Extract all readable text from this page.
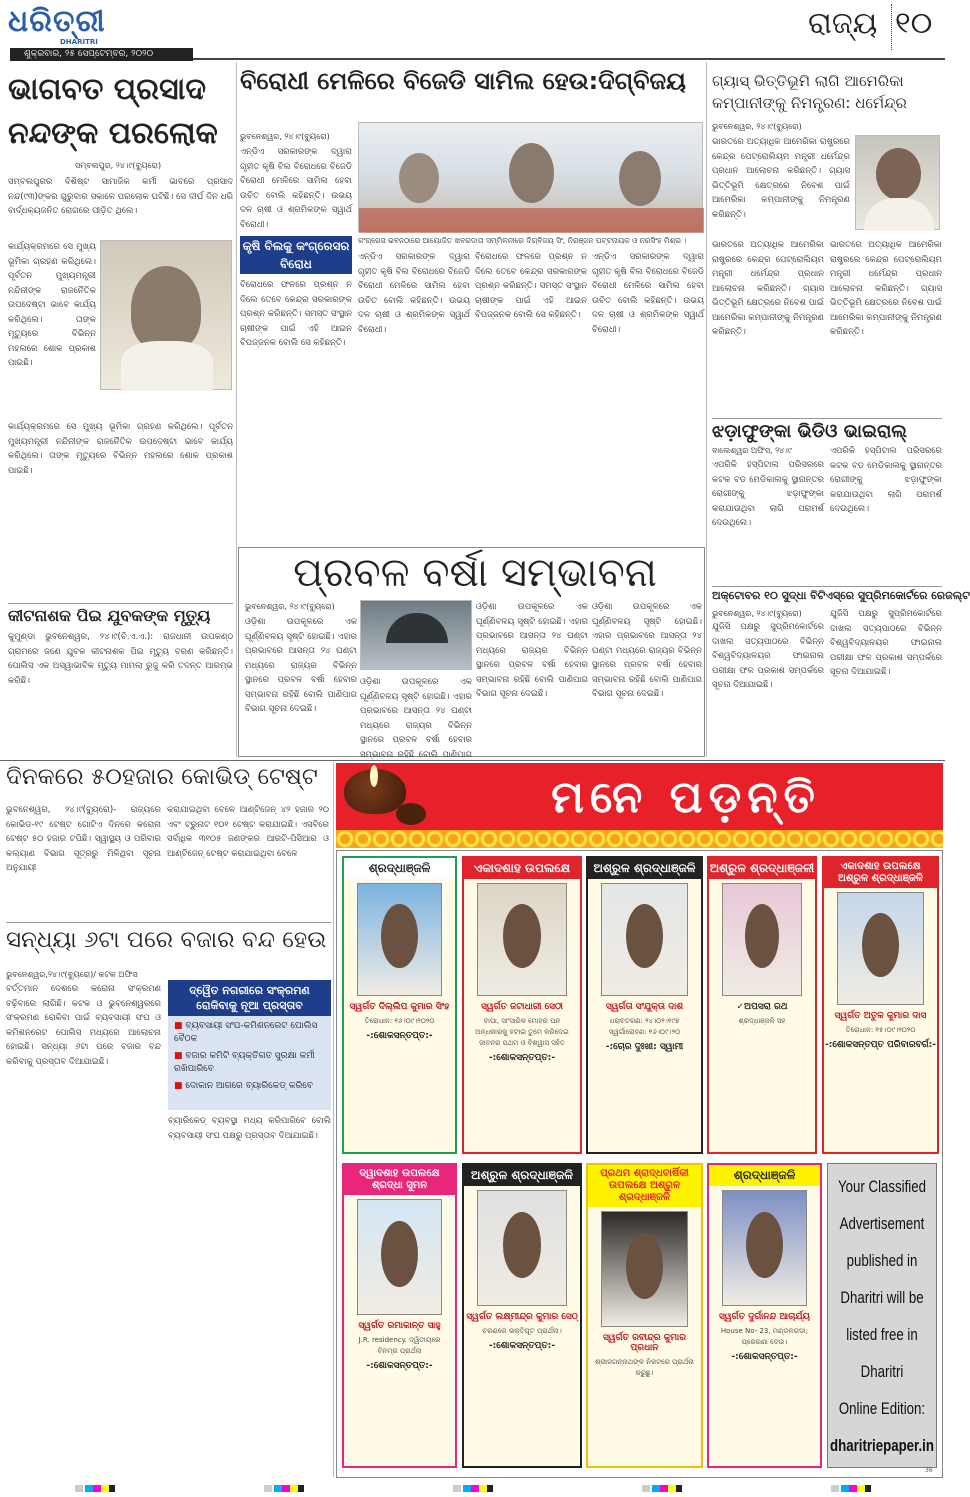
ଧରିତ୍ରୀ
DHARITRI
ଶୁକ୍ରବାର, ୨୫ ସେପ୍ଟେମ୍ବର, ୨୦୨୦
ରାଜ୍ୟ ୧୦
ଭାଗବତ ପ୍ରସାଦ ନନ୍ଦଙ୍କ ପରଲୋକ
ସମ୍ବଲପୁର, ୨୪।୯(ବ୍ୟୁରୋ)
ସମ୍ବଲପୁରର ବିଶିଷ୍ଟ ସାମାଜିକ କର୍ମୀ ଭାବରେ ପ୍ରସାଦ ନନ୍ଦ(୯୩)ଙ୍କର ଗୁରୁବାର ସକାଳେ ପରଲୋକ ଘଟିଛି। ସେ ଦୀର୍ଘ ଦିନ ଧରି ବାର୍ଦ୍ଧକ୍ୟଜନିତ ରୋଗରେ ପୀଡ଼ିତ ଥିଲେ।
କାର୍ଯ୍ୟକ୍ରମରେ ସେ ମୁଖ୍ୟ ଭୂମିକା ଗ୍ରହଣ କରିଥିଲେ। ପୂର୍ବତନ ମୁଖ୍ୟମନ୍ତ୍ରୀ ନନ୍ଦିନୀଙ୍କ ରାଜନୈତିକ ଉପଦେଷ୍ଟା ଭାବେ କାର୍ଯ୍ୟ କରିଥିଲେ। ତାଙ୍କ ମୃତ୍ୟୁରେ ବିଭିନ୍ନ ମହଲରେ ଶୋକ ପ୍ରକାଶ ପାଇଛି।
କାର୍ଯ୍ୟକ୍ରମରେ ସେ ମୁଖ୍ୟ ଭୂମିକା ଗ୍ରହଣ କରିଥିଲେ। ପୂର୍ବତନ ମୁଖ୍ୟମନ୍ତ୍ରୀ ନନ୍ଦିନୀଙ୍କ ରାଜନୈତିକ ଉପଦେଷ୍ଟା ଭାବେ କାର୍ଯ୍ୟ କରିଥିଲେ। ତାଙ୍କ ମୃତ୍ୟୁରେ ବିଭିନ୍ନ ମହଲରେ ଶୋକ ପ୍ରକାଶ ପାଇଛି।
କୀଟନାଶକ ପିଇ ଯୁବକଙ୍କ ମୃତ୍ୟୁ
କୁମୁଣ୍ଡା ଭୁବନେଶ୍ୱର, ୨୪।୯(ଚି.ଏ.ଏ.): ରାଜଧାନୀ ଉପକଣ୍ଠ ଗ୍ରାମରେ ଜଣେ ଯୁବକ କୀଟନାଶକ ପିଇ ମୃତ୍ୟୁ ବରଣ କରିଛନ୍ତି। ପୋଲିସ ଏକ ଅସ୍ୱାଭାବିକ ମୃତ୍ୟୁ ମାମଲା ରୁଜୁ କରି ତଦନ୍ତ ଆରମ୍ଭ କରିଛି।
ବିରୋଧୀ ମେଳିରେ ବିଜେଡି ସାମିଲ ହେଉ:ଦିଗ୍‌ବିଜୟ
ଭୁବନେଶ୍ୱର, ୨୪।୯(ବ୍ୟୁରୋ)
ଏନ୍‌ଡିଏ ସରକାରଙ୍କ ଦ୍ୱାରା ଗୃହୀତ କୃଷି ବିଲ ବିରୋଧରେ ବିଜେଡି ବିରୋଧୀ ମେଳିରେ ସାମିଲ ହେବା ଉଚିତ ବୋଲି କହିଛନ୍ତି। ଉଭୟ ଦଳ ଚାଷୀ ଓ ଶ୍ରମିକଙ୍କ ସ୍ୱାର୍ଥ ବିରୋଧୀ।
କଂଗ୍ରେସ ଭବନଠାରେ ଆୟୋଜିତ ଖବରଦାତା ସମ୍ମିଳନୀରେ ଦିଗ୍‌ବିଜୟ ସିଂ, ନିରଞ୍ଜନ ପଟ୍ଟନାୟକ ଓ ନରସିଂହ ମିଶ୍ର ।
କୃଷି ବିଲକୁ କଂଗ୍ରେସର ବିରୋଧ
ବିରୋଧରେ ଫଳରେ ପ୍ରଶ୍ନ ନ ଦିଲେ ତେବେ କେନ୍ଦ୍ର ସରକାରଙ୍କ ପ୍ରଶ୍ନ କରିଛନ୍ତି। ସମସ୍ତ ସଂସ୍ଥାନ ଚାଷୀଙ୍କ ପାଇଁ ଏହି ଆଇନ ବିପଜ୍ଜନକ ବୋଲି ସେ କହିଛନ୍ତି।
ଏନ୍‌ଡିଏ ସରକାରଙ୍କ ଦ୍ୱାରା ଗୃହୀତ କୃଷି ବିଲ ବିରୋଧରେ ବିଜେଡି ବିରୋଧୀ ମେଳିରେ ସାମିଲ ହେବା ଉଚିତ ବୋଲି କହିଛନ୍ତି। ଉଭୟ ଦଳ ଚାଷୀ ଓ ଶ୍ରମିକଙ୍କ ସ୍ୱାର୍ଥ ବିରୋଧୀ।
ବିରୋଧରେ ଫଳରେ ପ୍ରଶ୍ନ ନ ଦିଲେ ତେବେ କେନ୍ଦ୍ର ସରକାରଙ୍କ ପ୍ରଶ୍ନ କରିଛନ୍ତି। ସମସ୍ତ ସଂସ୍ଥାନ ଚାଷୀଙ୍କ ପାଇଁ ଏହି ଆଇନ ବିପଜ୍ଜନକ ବୋଲି ସେ କହିଛନ୍ତି।
ଏନ୍‌ଡିଏ ସରକାରଙ୍କ ଦ୍ୱାରା ଗୃହୀତ କୃଷି ବିଲ ବିରୋଧରେ ବିଜେଡି ବିରୋଧୀ ମେଳିରେ ସାମିଲ ହେବା ଉଚିତ ବୋଲି କହିଛନ୍ତି। ଉଭୟ ଦଳ ଚାଷୀ ଓ ଶ୍ରମିକଙ୍କ ସ୍ୱାର୍ଥ ବିରୋଧୀ।
ପ୍ରବଳ ବର୍ଷା ସମ୍ଭାବନା
ଭୁବନେଶ୍ୱର, ୨୪।୯(ବ୍ୟୁରୋ)
ଓଡ଼ିଶା ଉପକୂଳରେ ଏକ ଘୂର୍ଣ୍ଣିବଳୟ ସୃଷ୍ଟି ହୋଇଛି। ଏହାର ପ୍ରଭାବରେ ଆସନ୍ତା ୨୪ ଘଣ୍ଟା ମଧ୍ୟରେ ରାଜ୍ୟର ବିଭିନ୍ନ ସ୍ଥାନରେ ପ୍ରବଳ ବର୍ଷା ହେବାର ସମ୍ଭାବନା ରହିଛି ବୋଲି ପାଣିପାଗ ବିଭାଗ ସୂଚନା ଦେଇଛି।
ଓଡ଼ିଶା ଉପକୂଳରେ ଏକ ଘୂର୍ଣ୍ଣିବଳୟ ସୃଷ୍ଟି ହୋଇଛି। ଏହାର ପ୍ରଭାବରେ ଆସନ୍ତା ୨୪ ଘଣ୍ଟା ମଧ୍ୟରେ ରାଜ୍ୟର ବିଭିନ୍ନ ସ୍ଥାନରେ ପ୍ରବଳ ବର୍ଷା ହେବାର ସମ୍ଭାବନା ରହିଛି ବୋଲି ପାଣିପାଗ
ଓଡ଼ିଶା ଉପକୂଳରେ ଏକ ଘୂର୍ଣ୍ଣିବଳୟ ସୃଷ୍ଟି ହୋଇଛି। ଏହାର ପ୍ରଭାବରେ ଆସନ୍ତା ୨୪ ଘଣ୍ଟା ମଧ୍ୟରେ ରାଜ୍ୟର ବିଭିନ୍ନ ସ୍ଥାନରେ ପ୍ରବଳ ବର୍ଷା ହେବାର ସମ୍ଭାବନା ରହିଛି ବୋଲି ପାଣିପାଗ ବିଭାଗ ସୂଚନା ଦେଇଛି।
ଓଡ଼ିଶା ଉପକୂଳରେ ଏକ ଘୂର୍ଣ୍ଣିବଳୟ ସୃଷ୍ଟି ହୋଇଛି। ଏହାର ପ୍ରଭାବରେ ଆସନ୍ତା ୨୪ ଘଣ୍ଟା ମଧ୍ୟରେ ରାଜ୍ୟର ବିଭିନ୍ନ ସ୍ଥାନରେ ପ୍ରବଳ ବର୍ଷା ହେବାର ସମ୍ଭାବନା ରହିଛି ବୋଲି ପାଣିପାଗ ବିଭାଗ ସୂଚନା ଦେଇଛି।
ଗ୍ୟାସ୍ ଭିତ୍ତିଭୂମି ଲାଗି ଆମେରିକା କମ୍ପାନୀଙ୍କୁ ନିମନ୍ତ୍ରଣ: ଧର୍ମେନ୍ଦ୍ର
ଭୁବନେଶ୍ୱର, ୨୪।୯(ବ୍ୟୁରୋ)
ଭାରତରେ ଅତ୍ୟାଧିକ ଆମେରିକା ରାଷ୍ଟ୍ରରେ କେନ୍ଦ୍ର ପେଟ୍ରୋଲିୟମ ମନ୍ତ୍ରୀ ଧର୍ମେନ୍ଦ୍ର ପ୍ରଧାନ ଆଲୋଚନା କରିଛନ୍ତି। ଗ୍ୟାସ ଭିତ୍ତିଭୂମି କ୍ଷେତ୍ରରେ ନିବେଶ ପାଇଁ ଆମେରିକା କମ୍ପାନୀଙ୍କୁ ନିମନ୍ତ୍ରଣ କରିଛନ୍ତି।
ଭାରତରେ ଅତ୍ୟାଧିକ ଆମେରିକା ରାଷ୍ଟ୍ରରେ କେନ୍ଦ୍ର ପେଟ୍ରୋଲିୟମ ମନ୍ତ୍ରୀ ଧର୍ମେନ୍ଦ୍ର ପ୍ରଧାନ ଆଲୋଚନା କରିଛନ୍ତି। ଗ୍ୟାସ ଭିତ୍ତିଭୂମି କ୍ଷେତ୍ରରେ ନିବେଶ ପାଇଁ ଆମେରିକା କମ୍ପାନୀଙ୍କୁ ନିମନ୍ତ୍ରଣ କରିଛନ୍ତି।
ଭାରତରେ ଅତ୍ୟାଧିକ ଆମେରିକା ରାଷ୍ଟ୍ରରେ କେନ୍ଦ୍ର ପେଟ୍ରୋଲିୟମ ମନ୍ତ୍ରୀ ଧର୍ମେନ୍ଦ୍ର ପ୍ରଧାନ ଆଲୋଚନା କରିଛନ୍ତି। ଗ୍ୟାସ ଭିତ୍ତିଭୂମି କ୍ଷେତ୍ରରେ ନିବେଶ ପାଇଁ ଆମେରିକା କମ୍ପାନୀଙ୍କୁ ନିମନ୍ତ୍ରଣ କରିଛନ୍ତି।
ଝଡ଼ାଫୁଙ୍କା ଭିଡିଓ ଭାଇରାଲ୍
ବାଲେଶ୍ୱର ଅଫିସ, ୨୪।୯
ଏପରିକି ହସ୍‌ପିଟାଲ ପରିସରରେ କଟକ ବଡ ମେଡିକାଲକୁ ସ୍ଥାନାନ୍ତର ରୋଗୀଙ୍କୁ ଝଡ଼ାଫୁଙ୍କା କରାଯାଉଥିବା ଲାଗି ପରାମର୍ଶ ଦେଉଥିଲେ।
ଏପରିକି ହସ୍‌ପିଟାଲ ପରିସରରେ କଟକ ବଡ ମେଡିକାଲକୁ ସ୍ଥାନାନ୍ତର ରୋଗୀଙ୍କୁ ଝଡ଼ାଫୁଙ୍କା କରାଯାଉଥିବା ଲାଗି ପରାମର୍ଶ ଦେଉଥିଲେ।
ଅକ୍ଟୋବର ୧୦ ସୁଦ୍ଧା ବିଟିଏସ୍‌ରେ ସୁପ୍ରିମକୋର୍ଟରେ ରେଜଲ୍ଟ
ଭୁବନେଶ୍ୱର, ୨୪।୯(ବ୍ୟୁରୋ)
ଯୁଜିସି ପକ୍ଷରୁ ସୁପ୍ରିମକୋର୍ଟରେ ଦାଖଲ ସତ୍ୟପାଠରେ ବିଭିନ୍ନ ବିଶ୍ୱବିଦ୍ୟାଳୟର ଫାଇନାଲ ପରୀକ୍ଷା ଫଳ ପ୍ରକାଶ ସମ୍ପର୍କରେ ସୂଚନା ଦିଆଯାଇଛି।
ଯୁଜିସି ପକ୍ଷରୁ ସୁପ୍ରିମକୋର୍ଟରେ ଦାଖଲ ସତ୍ୟପାଠରେ ବିଭିନ୍ନ ବିଶ୍ୱବିଦ୍ୟାଳୟର ଫାଇନାଲ ପରୀକ୍ଷା ଫଳ ପ୍ରକାଶ ସମ୍ପର୍କରେ ସୂଚନା ଦିଆଯାଇଛି।
ଦିନକରେ ୫୦ହଜାର କୋଭିଡ୍ ଟେଷ୍ଟ
ଭୁବନେଶ୍ୱର, ୨୪।୯(ବ୍ୟୁରୋ)- ରାଜ୍ୟରେ କୋଭିଡ-୧୯ ଟେଷ୍ଟ ଗୋଟିଏ ଦିନରେ କରୋନା ଟେଷ୍ଟ ୫୦ ହଜାର ଟପିଛି। ସ୍ୱାସ୍ଥ୍ୟ ଓ ପରିବାର କଲ୍ୟାଣ ବିଭାଗ ସୂତ୍ରରୁ ମିଳିଥିବା ସୂଚନା ଅନୁଯାୟୀ
କରାଯାଇଥିବା ବେଳେ ଆଣ୍ଟିଜେନ୍ ୪୨ ହଜାର ୨୦ ଏବଂ ଟ୍ରୁନାଟ ୧୦୧ ଟେଷ୍ଟ କରାଯାଇଛି। ଏସବିରେ ସର୍ବାଧିକ ୩୧୦୫ ଜଣଙ୍କର ଆରଟି-ପିସିଆର ଓ ଆଣ୍ଟିଜେନ୍ ଟେଷ୍ଟ କରାଯାଇଥିବା ବେଳେ
ସନ୍ଧ୍ୟା ୬ଟା ପରେ ବଜାର ବନ୍ଦ ହେଉ
ଭୁବନେଶ୍ୱର,୨୪।୯(ବ୍ୟୁରୋ)/ କଟକ ଅଫିସ
ବର୍ତ୍ତମାନ ଦେଶରେ କରୋନା ସଂକ୍ରମଣ ବଢ଼ିବାରେ ଲାଗିଛି। କଟକ ଓ ଭୁବନେଶ୍ୱରରେ ସଂକ୍ରମଣ ରୋକିବା ପାଇଁ ବ୍ୟବସାୟୀ ସଂଘ ଓ କମିଶନରେଟ ପୋଲିସ ମଧ୍ୟରେ ଆଲୋଚନା ହୋଇଛି। ସନ୍ଧ୍ୟା ୬ଟା ପରେ ବଜାର ବନ୍ଦ କରିବାକୁ ପ୍ରସ୍ତାବ ଦିଆଯାଇଛି।
ଦ୍ୱୈତ ନଗରୀରେ ସଂକ୍ରମଣ ରୋକିବାକୁ ନୂଆ ପ୍ରସ୍ତାବ
■ ବ୍ୟବସାୟୀ ସଂଘ-କମିଶନରେଟ ପୋଲିସ ବୈଠକ
■ ବଜାର କମିଟି ବ୍ୟକ୍ତିଗତ ସୁରକ୍ଷା କର୍ମୀ ରଖିପାରିବେ
■ ଦୋକାନ ଆଗରେ ବ୍ୟାରିକେଡ୍ କରିବେ
ବ୍ୟାରିକେଡ୍ ବ୍ୟବସ୍ଥା ମଧ୍ୟ କରିପାରିବେ ବୋଲି ବ୍ୟବସାୟୀ ସଂଘ ପକ୍ଷରୁ ପ୍ରସ୍ତାବ ଦିଆଯାଇଛି।
ମନେ ପଡ଼ନ୍ତି
Your Classified
Advertisement
published in
Dharitri will be
listed free in
Dharitri
Online Edition:
dharitriepaper.in
36
ଶ୍ରଦ୍ଧାଞ୍ଜଳି
ସ୍ୱର୍ଗତ ଦିଲ୍ଲିପ କୁମାର ସିଂହ
ତିରୋଧାନ: ୧୬।୦୯।୨୦୨୦
-:ଶୋକସନ୍ତପ୍ତ:-
ଏକାଦଶାହ ଉପଲକ୍ଷେ
ସ୍ୱର୍ଗତ ଜଟାଧାରୀ ସେଠୀ
ବାପା, ସାଂସାରିକ ମୋହର ଘନ ଅନ୍ଧକାରକୁ ହଟାଇ ତୁମେ କରିଦେଇ ଜୀବନର ପଥମ ଓ ବିଶ୍ୱାସ ସହିତ
-:ଶୋକସନ୍ତପ୍ତ:-
ଅଶ୍ରୁଳ ଶ୍ରଦ୍ଧାଞ୍ଜଳି
ସ୍ୱର୍ଗତା ସଂଯୁକ୍ତା ଦାଶ
ଧରାବତରଣ: ୨୪।୦୨।୧୯୭ ସ୍ୱର୍ଗାରୋହଣ: ୧୬।୦୯।୨୦
-:ଚୋର ଦୁଃଖୀ: ସ୍ୱାମୀ
ଅଶ୍ରୁଳ ଶ୍ରଦ୍ଧାଞ୍ଜଳୀ
✓ଅପସରା ରଥ
ଶ୍ରଦ୍ଧାଞ୍ଜଳି ସହ
ଏକାଦଶାହ ଉପଲକ୍ଷେ ଅଶ୍ରୁଳ ଶ୍ରଦ୍ଧାଞ୍ଜଳି
ସ୍ୱର୍ଗତ ଅତୁଳ କୁମାର ଦାସ
ତିରୋଧାନ: ୧୫।୦୯।୨୦୨୦
-:ଶୋକସନ୍ତପ୍ତ ପରିବାରବର୍ଗ:-
ଦ୍ୱାଦଶାହ ଉପଲକ୍ଷେ ଶ୍ରଦ୍ଧା ସୁମନ
ସ୍ୱର୍ଗତ ରମାକାନ୍ତ ସାହୁ
J.R. residency. ଦ୍ୱିତୀୟରେ ବିନମ୍ର ପ୍ରାର୍ଥନା
-:ଶୋକସନ୍ତପ୍ତ:-
ଅଶ୍ରୁଳ ଶ୍ରଦ୍ଧାଞ୍ଜଳି
ସ୍ୱର୍ଗତ ଲକ୍ଷ୍ମୀନ୍ଦ୍ର କୁମାର ସେଠ୍
ଚରଣରେ ଭକ୍ତିପୂତ ପ୍ରାର୍ଥନା।
-:ଶୋକସନ୍ତପ୍ତ:-
ପ୍ରଥମ ଶ୍ରାଦ୍ଧବାର୍ଷିକୀ ଉପଲକ୍ଷେ ଅଶ୍ରୁଳ ଶ୍ରଦ୍ଧାଞ୍ଜଳି
ସ୍ୱର୍ଗତ ରବୀନ୍ଦ୍ର କୁମାର ପ୍ରଧାନ
ଶ୍ରୀଜଗନ୍ନାଥଙ୍କ ନିକଟରେ ପ୍ରାର୍ଥନା କରୁଛୁ।
ଶ୍ରଦ୍ଧାଞ୍ଜଳି
ସ୍ୱର୍ଗତ ଦୁର୍ଗାନନ୍ଦ ଆଚାର୍ଯ୍ୟ
House No- 23, ମଣ୍ଡଳଗଡ଼ା; ପ୍ରେରଣା ଦେଉ।
-:ଶୋକସନ୍ତପ୍ତ:-
